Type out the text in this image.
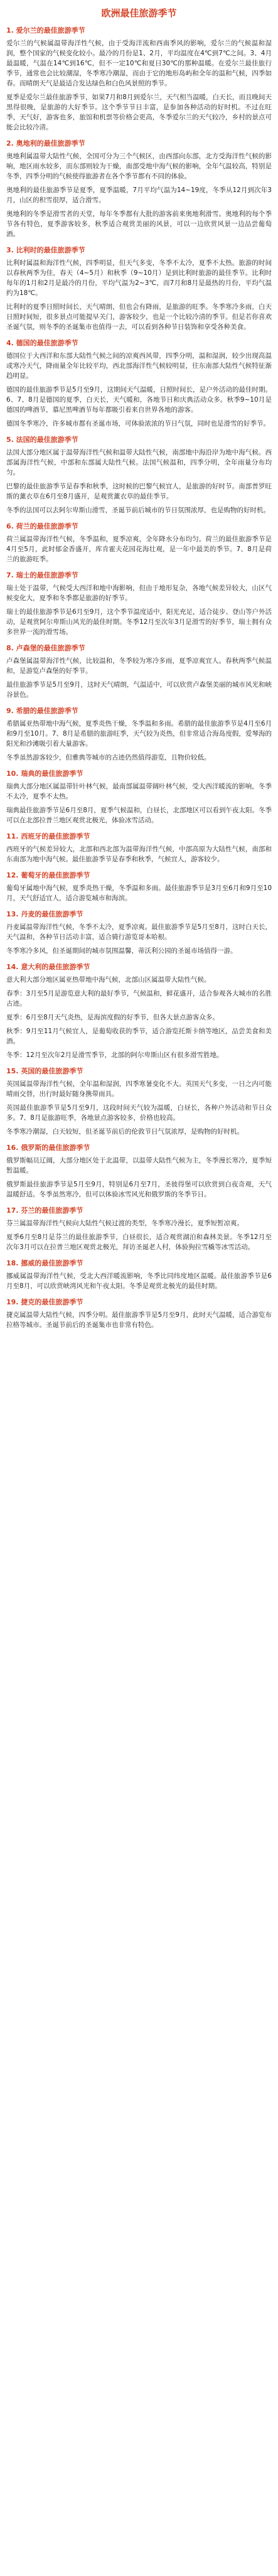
欧洲最佳旅游季节
1. 爱尔兰的最佳旅游季节

爱尔兰的气候属温带海洋性气候，由于受海洋流和西南季风的影响，爱尔兰的气候温和湿润，整个国家的气候变化较小。最冷的月份是1、2月，平均温度在4℃到7℃之间。3、4月最温暖，气温在14℃到16℃，但不一定10℃和夏日30℃的那种温暖。在爱尔兰最佳旅行季节，通常也会比较潮湿，冬季寒冷潮湿，而由于它的地形岛屿和全年的温和气候，四季如春。而晴朗天气是最适合发达绿色和白色风景照的季节。

夏季是爱尔兰最佳旅游季节，如果7月和8月到爱尔兰，天气相当温暖，白天长，而且晚间天黑得很晚，是旅游的大好季节。这个季节节日丰富，是参加各种活动的好时机。不过在旺季，天气好，游客也多，旅馆和机票等价格会更高，冬季爱尔兰的天气较冷，乡村的景点可能会比较冷清。

2. 奥地利的最佳旅游季节

奥地利属温带大陆性气候，全国可分为三个气候区，由西部向东部，北方受海洋性气候的影响，地区雨水较多，而东部则较为干燥，南部受地中海气候的影响，全年气温较高，特别是冬季，四季分明的气候使得旅游者在各个季节都有不同的体验。

奥地利的最佳旅游季节是夏季，夏季温暖，7月平均气温为14~19度，冬季从12月到次年3月，山区的积雪很厚，适合滑雪。

奥地利的冬季是滑雪者的天堂，每年冬季都有大批的游客前来奥地利滑雪。奥地利的每个季节各有特色，夏季游客较多，秋季适合观赏美丽的风景，可以一边欣赏风景一边品尝葡萄酒。

3. 比利时的最佳旅游季节

比利时属温和海洋性气候，四季明显，但天气多变，冬季不太冷，夏季不太热。旅游的时间以春秋两季为佳，春天（4~5月）和秋季（9~10月）是到比利时旅游的最佳季节。比利时每年的1月和2月是最冷的月份，平均气温为2~3℃，而7月和8月是最热的月份，平均气温约为18℃。

比利时的夏季日照时间长，天气晴朗，但也会有降雨，是旅游的旺季。冬季寒冷多雨，白天日照时间短，很多景点可能提早关门，游客较少，也是一个比较冷清的季节。但是若你喜欢圣诞气氛，则冬季的圣诞集市也值得一去，可以看到各种节日装饰和享受各种美食。

4. 德国的最佳旅游季节

德国位于大西洋和东部大陆性气候之间的凉爽西风带，四季分明，温和湿润，较少出现高温或寒冷天气，降雨量全年比较平均，西北部海洋性气候较明显，往东南部大陆性气候特征渐趋明显。

德国的最佳旅游季节是5月至9月，这期间天气温暖，日照时间长，是户外活动的最佳时期。6、7、8月是德国的夏季，白天长，天气暖和，各地节日和庆典活动众多。秋季9~10月是德国的啤酒节，慕尼黑啤酒节每年都吸引着来自世界各地的游客。

德国冬季寒冷，许多城市都有圣诞市场，可体验浓浓的节日气氛，同时也是滑雪的好季节。

5. 法国的最佳旅游季节

法国大部分地区属于温带海洋性气候和温带大陆性气候，南部地中海沿岸为地中海气候。西部属海洋性气候，中部和东部属大陆性气候。法国气候温和，四季分明，全年雨量分布均匀。

巴黎的最佳旅游季节是春季和秋季，这时候的巴黎气候宜人，是旅游的好时节。南部普罗旺斯的薰衣草在6月至8月盛开，是观赏薰衣草的最佳季节。

冬季的法国可以去阿尔卑斯山滑雪，圣诞节前后城市的节日氛围浓厚，也是购物的好时机。

6. 荷兰的最佳旅游季节

荷兰属温带海洋性气候，冬季温和，夏季凉爽，全年降水分布均匀。荷兰的最佳旅游季节是4月至5月，此时郁金香盛开，库肯霍夫花园花海壮观，是一年中最美的季节。7、8月是荷兰的旅游旺季。

7. 瑞士的最佳旅游季节

瑞士处于温带，气候受大西洋和地中海影响，但由于地形复杂，各地气候差异较大，山区气候变化大，夏季和冬季都是旅游的好季节。

瑞士的最佳旅游季节是6月至9月，这个季节温度适中，阳光充足，适合徒步、登山等户外活动，是观赏阿尔卑斯山风光的最佳时期。冬季12月至次年3月是滑雪的好季节，瑞士拥有众多世界一流的滑雪场。

8. 卢森堡的最佳旅游季节

卢森堡属温带海洋性气候，比较温和，冬季较为寒冷多雨，夏季凉爽宜人。春秋两季气候温和，是游览卢森堡的好季节。

最佳旅游季节是5月至9月，这时天气晴朗，气温适中，可以欣赏卢森堡美丽的城市风光和峡谷景色。

9. 希腊的最佳旅游季节

希腊属亚热带地中海气候，夏季炎热干燥，冬季温和多雨。希腊的最佳旅游季节是4月至6月和9月至10月。7、8月是希腊的旅游旺季，天气较为炎热，但非常适合海岛度假，爱琴海的阳光和沙滩吸引着大量游客。

冬季虽然游客较少，但雅典等城市的古迹仍然值得游览，且物价较低。

10. 瑞典的最佳旅游季节

瑞典大部分地区属温带针叶林气候，最南部属温带阔叶林气候，受大西洋暖流的影响，冬季不太冷，夏季不太热。

瑞典最佳旅游季节是6月至8月，夏季气候温和，白昼长，北部地区可以看到午夜太阳。冬季可以在北部拉普兰地区观赏北极光，体验冰雪活动。

11. 西班牙的最佳旅游季节

西班牙的气候差异较大，北部和西北部为温带海洋性气候，中部高原为大陆性气候，南部和东南部为地中海气候。最佳旅游季节是春季和秋季，气候宜人，游客较少。

12. 葡萄牙的最佳旅游季节

葡萄牙属地中海气候，夏季炎热干燥，冬季温和多雨。最佳旅游季节是3月至6月和9月至10月，天气舒适宜人，适合游览城市和海滨。

13. 丹麦的最佳旅游季节

丹麦属温带海洋性气候，冬季不太冷，夏季凉爽。最佳旅游季节是5月至8月，这时白天长，天气温和，各种节日活动丰富，适合骑行游览哥本哈根。

冬季寒冷多风，但圣诞期间的城市氛围温馨，蒂沃利公园的圣诞市场值得一游。

14. 意大利的最佳旅游季节

意大利大部分地区属亚热带地中海气候，北部山区属温带大陆性气候。

春季：3月至5月是游览意大利的最好季节，气候温和，鲜花盛开，适合参观各大城市的名胜古迹。

夏季：6月至8月天气炎热，是海滨度假的好季节，但各大景点游客众多。

秋季：9月至11月气候宜人，是葡萄收获的季节，适合游览托斯卡纳等地区，品尝美食和美酒。

冬季：12月至次年2月是滑雪季节，北部的阿尔卑斯山区有很多滑雪胜地。

15. 英国的最佳旅游季节

英国属温带海洋性气候，全年温和湿润，四季寒暑变化不大。英国天气多变，一日之内可能晴雨交替，出行时最好随身携带雨具。

英国最佳旅游季节是5月至9月，这段时间天气较为温暖，白昼长，各种户外活动和节日众多。7、8月是旅游旺季，各地景点游客较多，价格也较高。

冬季寒冷潮湿，白天较短，但圣诞节前后的伦敦节日气氛浓厚，是购物的好时机。

16. 俄罗斯的最佳旅游季节

俄罗斯幅员辽阔，大部分地区处于北温带，以温带大陆性气候为主，冬季漫长寒冷，夏季短暂温暖。

俄罗斯最佳旅游季节是5月至9月，特别是6月至7月，圣彼得堡可以欣赏到白夜奇观，天气温暖舒适。冬季虽然寒冷，但可以体验冰雪风光和俄罗斯的冬季节日。

17. 芬兰的最佳旅游季节

芬兰属温带海洋性气候向大陆性气候过渡的类型，冬季寒冷漫长，夏季短暂凉爽。

夏季6月至8月是芬兰的最佳旅游季节，白昼很长，适合观赏湖泊和森林美景。冬季12月至次年3月可以在拉普兰地区观赏北极光，拜访圣诞老人村，体验狗拉雪橇等冰雪活动。

18. 挪威的最佳旅游季节

挪威属温带海洋性气候，受北大西洋暖流影响，冬季比同纬度地区温暖。最佳旅游季节是6月至8月，可以欣赏峡湾风光和午夜太阳。冬季是观赏北极光的最佳时期。

19. 捷克的最佳旅游季节

捷克属温带大陆性气候，四季分明。最佳旅游季节是5月至9月，此时天气温暖，适合游览布拉格等城市。圣诞节前后的圣诞集市也非常有特色。
